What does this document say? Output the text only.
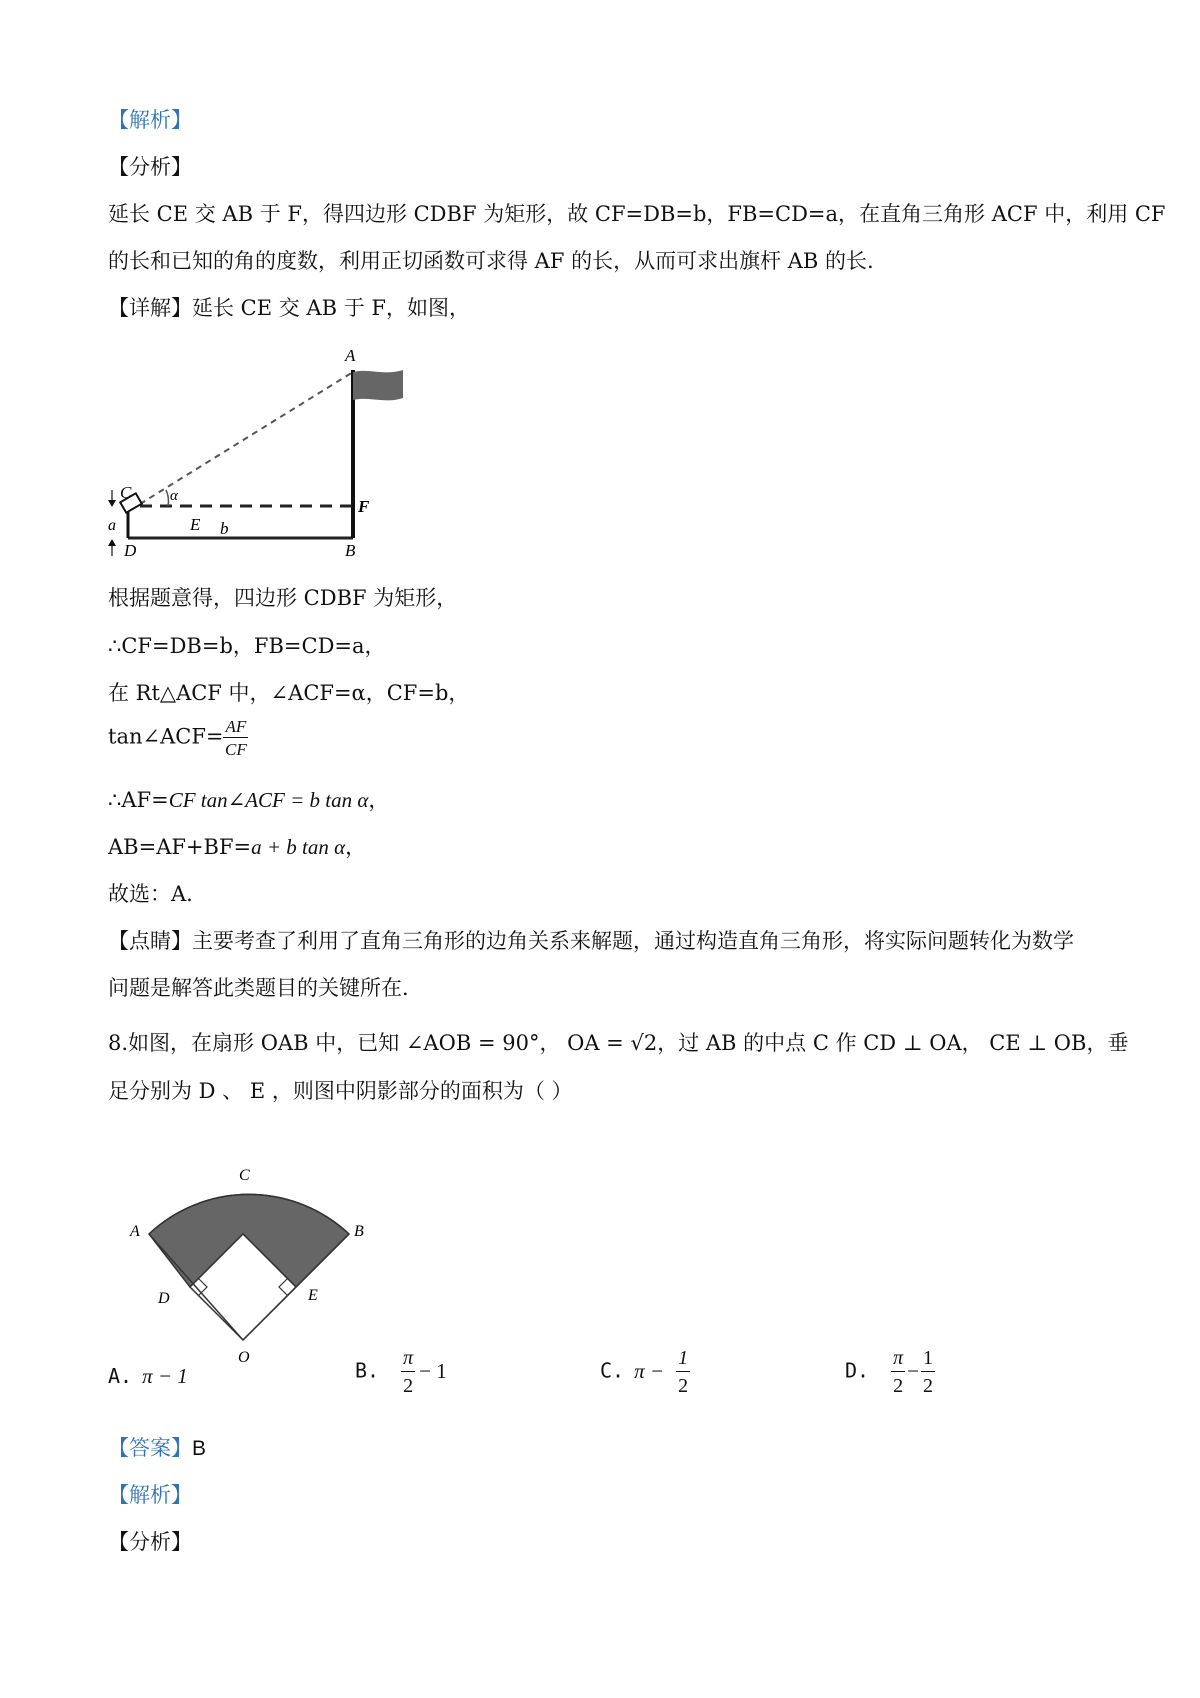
【解析】
【分析】
延长 CE 交 AB 于 F，得四边形 CDBF 为矩形，故 CF=DB=b，FB=CD=a，在直角三角形 ACF 中，利用 CF
的长和已知的角的度数，利用正切函数可求得 AF 的长，从而可求出旗杆 AB 的长.
【详解】延长 CE 交 AB 于 F，如图，
A
C	α
E b
F
a
D	B
根据题意得，四边形 CDBF 为矩形，
∴CF=DB=b，FB=CD=a，
在 Rt△ACF 中，∠ACF=α，CF=b，
tan∠ACF= $\frac{AF}{CF}$
∴AF=CF tan∠ACF = b tan α，
AB=AF+BF=a + b tan α，
故选：A.
【点睛】主要考查了利用了直角三角形的边角关系来解题，通过构造直角三角形，将实际问题转化为数学
问题是解答此类题目的关键所在.
8.如图，在扇形 OAB 中，已知 ∠AOB = 90°， OA = √2，过 AB 的中点 C 作 CD ⊥ OA， CE ⊥ OB，垂
足分别为 D 、 E ，则图中阴影部分的面积为（ ）
C
A	B
D	E
O
A. π − 1	B. $\frac{\pi}{2} - 1$	C. $\pi - \frac{1}{2}$	D. $\frac{\pi}{2} - \frac{1}{2}$
【答案】B
【解析】
【分析】
